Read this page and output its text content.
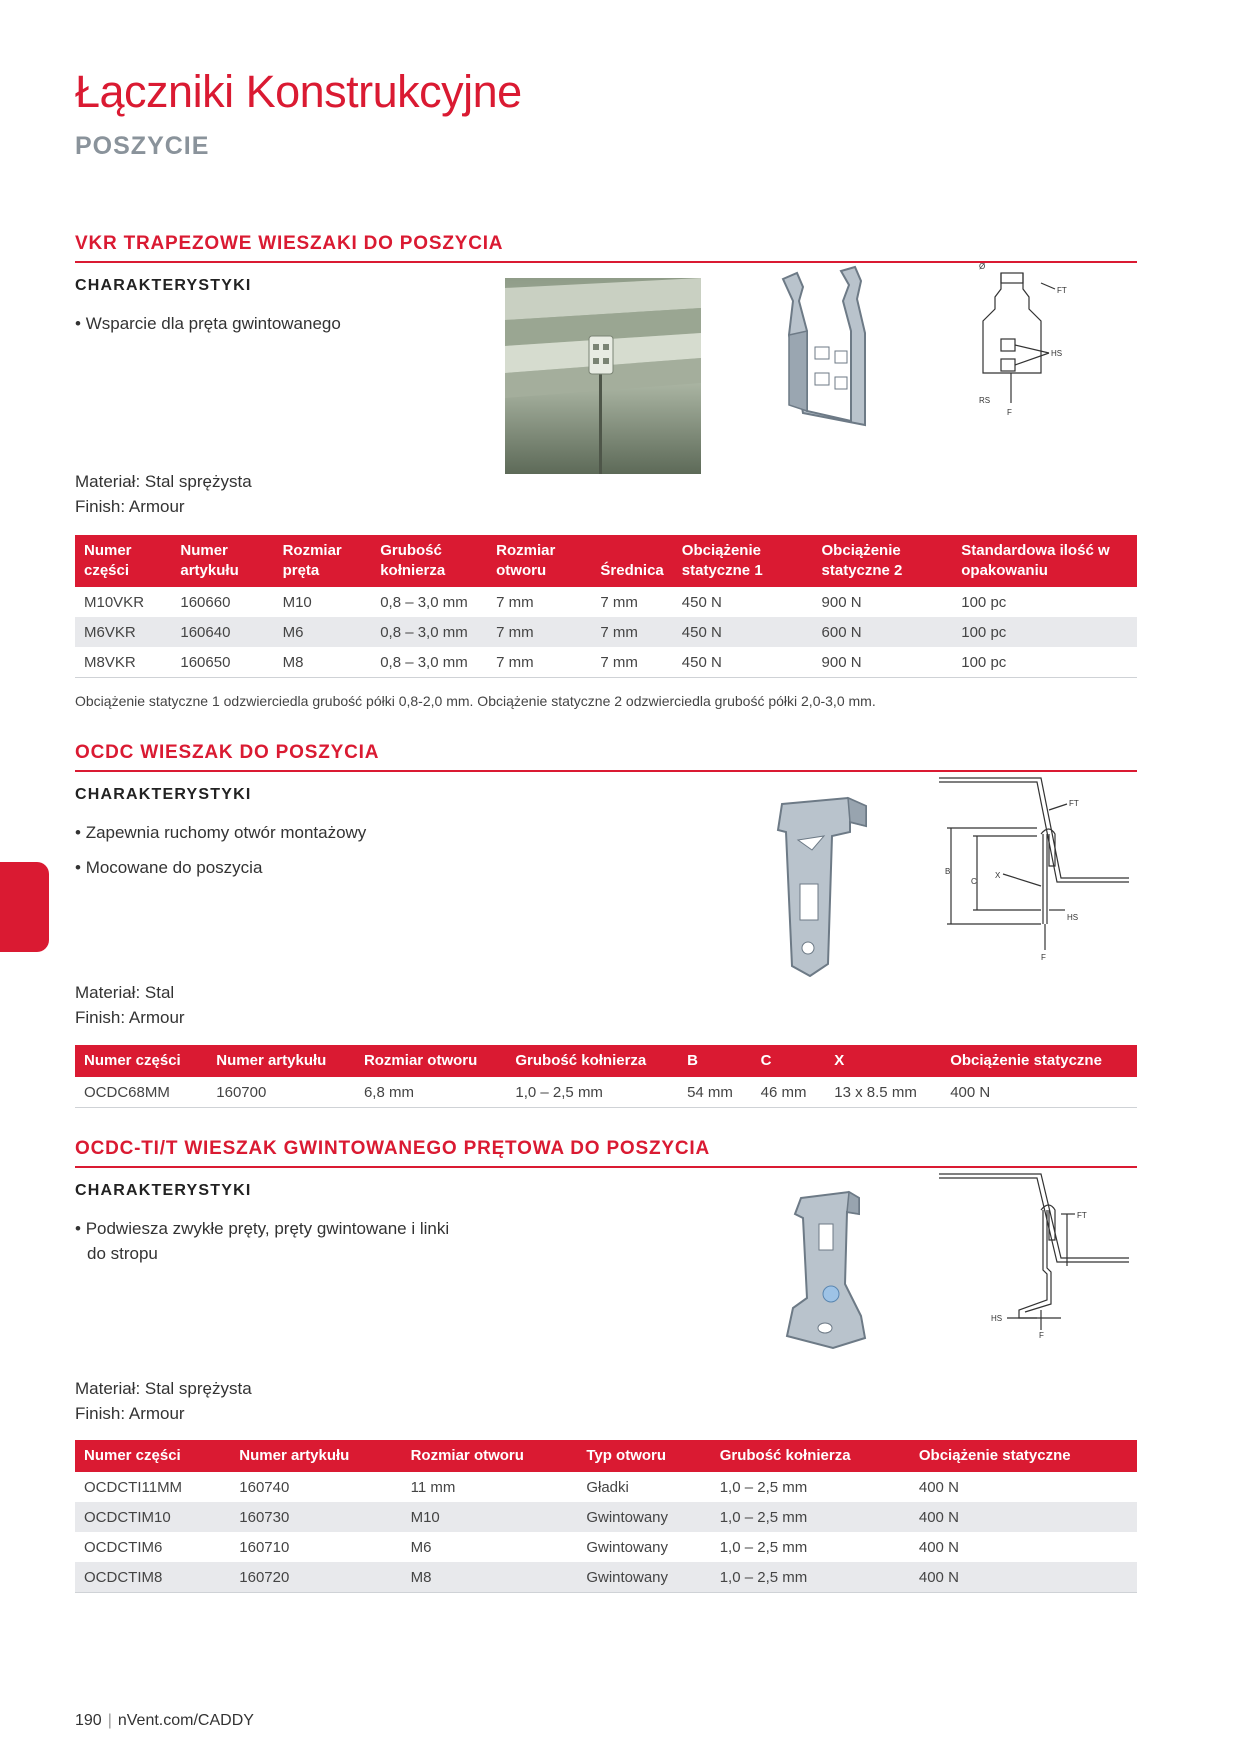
Łączniki Konstrukcyjne
POSZYCIE
VKR TRAPEZOWE WIESZAKI DO POSZYCIA
CHARAKTERYSTYKI
• Wsparcie dla pręta gwintowanego
Ø
FT
HS
RS
F
Materiał: Stal sprężysta
Finish: Armour
Numer części	Numer artykułu	Rozmiar pręta	Grubość kołnierza	Rozmiar otworu	Średnica	Obciążenie statyczne 1	Obciążenie statyczne 2	Standardowa ilość w opakowaniu
M10VKR	160660	M10	0,8 – 3,0 mm	7 mm	7 mm	450 N	900 N	100 pc
M6VKR	160640	M6	0,8 – 3,0 mm	7 mm	7 mm	450 N	600 N	100 pc
M8VKR	160650	M8	0,8 – 3,0 mm	7 mm	7 mm	450 N	900 N	100 pc
Obciążenie statyczne 1 odzwierciedla grubość półki 0,8-2,0 mm. Obciążenie statyczne 2 odzwierciedla grubość półki 2,0-3,0 mm.
OCDC WIESZAK DO POSZYCIA
CHARAKTERYSTYKI
• Zapewnia ruchomy otwór montażowy
• Mocowane do poszycia
FT
B
C
X
HS
F
Materiał: Stal
Finish: Armour
Numer części	Numer artykułu	Rozmiar otworu	Grubość kołnierza	B	C	X	Obciążenie statyczne
OCDC68MM	160700	6,8 mm	1,0 – 2,5 mm	54 mm	46 mm	13 x 8.5 mm	400 N
OCDC-TI/T WIESZAK GWINTOWANEGO PRĘTOWA DO POSZYCIA
CHARAKTERYSTYKI
• Podwiesza zwykłe pręty, pręty gwintowane i linki do stropu
FT
HS
F
Materiał: Stal sprężysta
Finish: Armour
Numer części	Numer artykułu	Rozmiar otworu	Typ otworu	Grubość kołnierza	Obciążenie statyczne
OCDCTI11MM	160740	11 mm	Gładki	1,0 – 2,5 mm	400 N
OCDCTIM10	160730	M10	Gwintowany	1,0 – 2,5 mm	400 N
OCDCTIM6	160710	M6	Gwintowany	1,0 – 2,5 mm	400 N
OCDCTIM8	160720	M8	Gwintowany	1,0 – 2,5 mm	400 N
190 | nVent.com/CADDY
